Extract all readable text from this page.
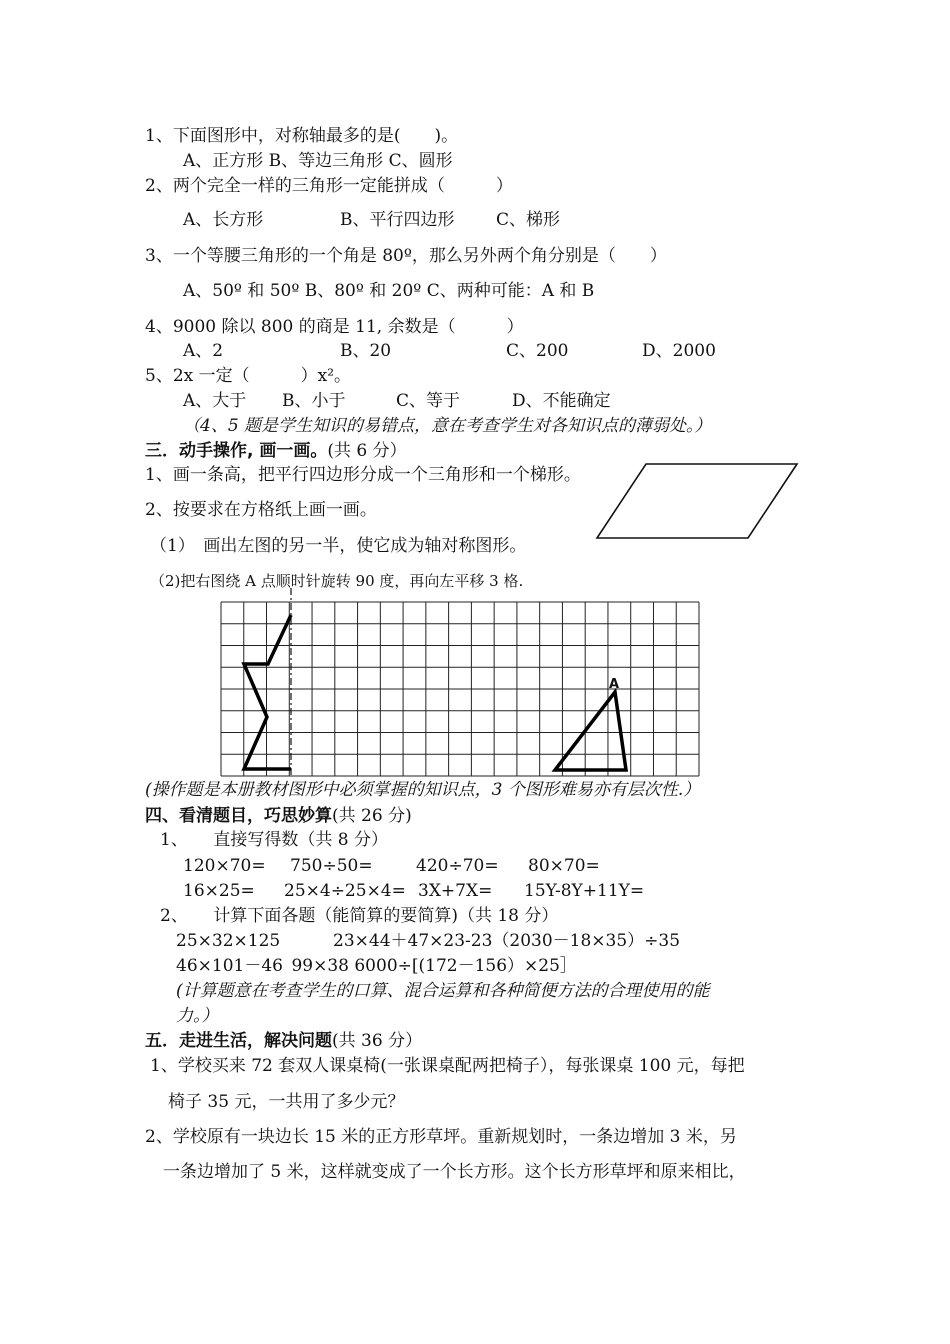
1、下面图形中，对称轴最多的是(　　)。
A、正方形 B、等边三角形 C、圆形
2、两个完全一样的三角形一定能拼成（　　　）
A、长方形	B、平行四边形 C、梯形
3、一个等腰三角形的一个角是 80º，那么另外两个角分别是（　　）
A、50º 和 50º B、80º 和 20º C、两种可能：A 和 B
4、9000 除以 800 的商是 11, 余数是（　　　）
A、2	B、20	C、200	D、2000
5、2x 一定（　　　）x²。
A、大于 B、小于	C、等于	D、不能确定
（4、5 题是学生知识的易错点，意在考查学生对各知识点的薄弱处。）
三．动手操作, 画一画。(共 6 分）
1、画一条高，把平行四边形分成一个三角形和一个梯形。
2、按要求在方格纸上画一画。
（1）　画出左图的另一半，使它成为轴对称图形。
（2)把右图绕 A 点顺时针旋转 90 度，再向左平移 3 格.
A
(操作题是本册教材图形中必须掌握的知识点，3 个图形难易亦有层次性.）
四、看清题目，巧思妙算(共 26 分)
1、　　直接写得数（共 8 分）
120×70= 750÷50=	420÷70= 80×70=
16×25= 25×4÷25×4= 3X+7X= 15Y-8Y+11Y=
2、　　计算下面各题（能简算的要简算)（共 18 分）
25×32×125	23×44＋47×23-23（2030－18×35）÷35
46×101－46 99×38 6000÷[(172－156）×25］
(计算题意在考查学生的口算、混合运算和各种简便方法的合理使用的能
力。）
五．走进生活，解决问题(共 36 分）
1、学校买来 72 套双人课桌椅(一张课桌配两把椅子），每张课桌 100 元，每把
椅子 35 元，一共用了多少元？
2、学校原有一块边长 15 米的正方形草坪。重新规划时，一条边增加 3 米，另
一条边增加了 5 米，这样就变成了一个长方形。这个长方形草坪和原来相比，
